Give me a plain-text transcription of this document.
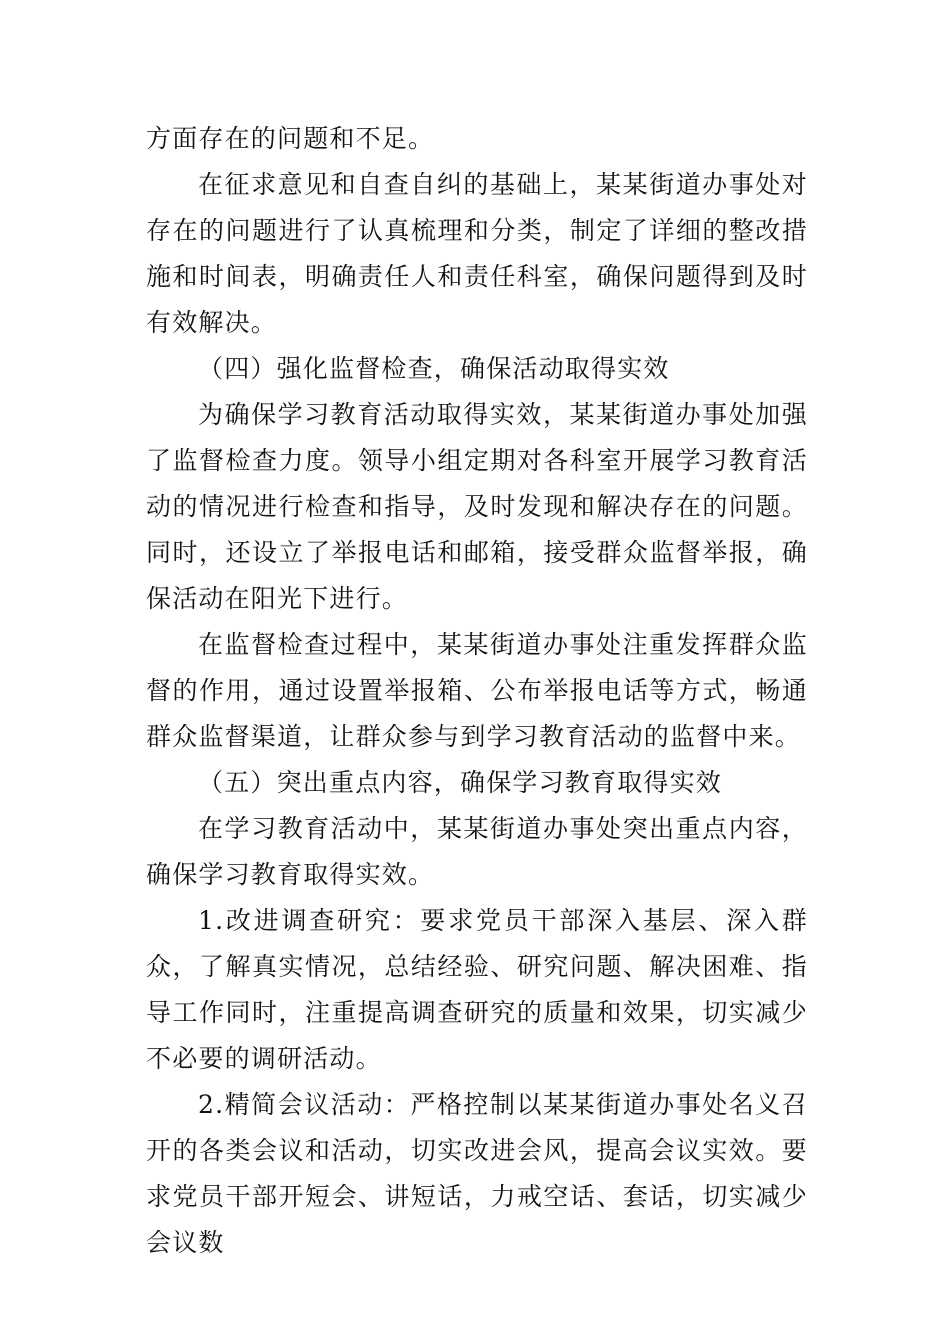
方面存在的问题和不足。

在征求意见和自查自纠的基础上，某某街道办事处对存在的问题进行了认真梳理和分类，制定了详细的整改措施和时间表，明确责任人和责任科室，确保问题得到及时有效解决。

（四）强化监督检查，确保活动取得实效

为确保学习教育活动取得实效，某某街道办事处加强了监督检查力度。领导小组定期对各科室开展学习教育活动的情况进行检查和指导，及时发现和解决存在的问题。同时，还设立了举报电话和邮箱，接受群众监督举报，确保活动在阳光下进行。

在监督检查过程中，某某街道办事处注重发挥群众监督的作用，通过设置举报箱、公布举报电话等方式，畅通群众监督渠道，让群众参与到学习教育活动的监督中来。

（五）突出重点内容，确保学习教育取得实效

在学习教育活动中，某某街道办事处突出重点内容，确保学习教育取得实效。

1.改进调查研究：要求党员干部深入基层、深入群众，了解真实情况，总结经验、研究问题、解决困难、指导工作同时，注重提高调查研究的质量和效果，切实减少不必要的调研活动。

2.精简会议活动：严格控制以某某街道办事处名义召开的各类会议和活动，切实改进会风，提高会议实效。要求党员干部开短会、讲短话，力戒空话、套话，切实减少会议数
